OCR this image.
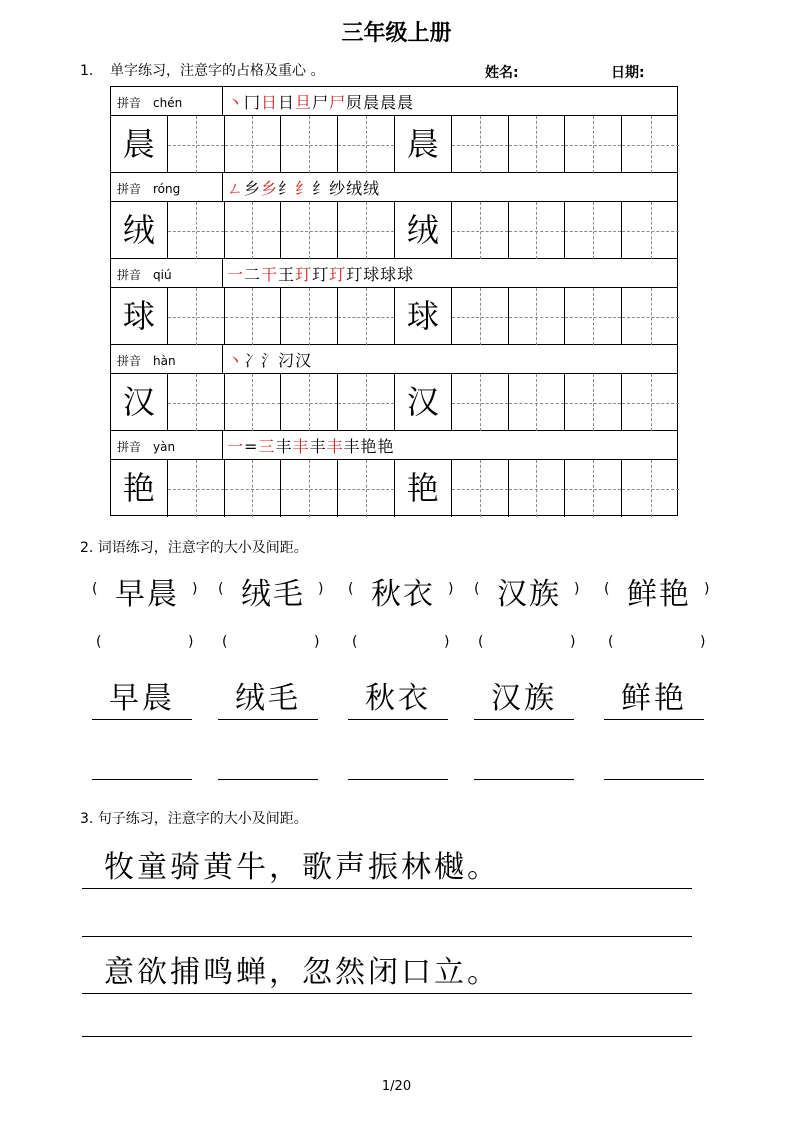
三年级上册
1. 单字练习，注意字的占格及重心 。	姓名:	日期:
拼音 chén	丶冂日日旦尸尸屃晨晨晨
晨	晨
拼音 róng	ㄥ乡乡纟纟纟纱绒绒
绒	绒
拼音 qiú	一二干王玎玎玎玎球球球
球	球
拼音 hàn	丶冫氵汈汉
汉	汉
拼音 yàn	一=三丰丰丰丰丰艳艳
艳	艳
2. 词语练习，注意字的大小及间距。
( 早晨 )
(	)
早晨
( 绒毛 )
(	)
绒毛
( 秋衣 )
(	)
秋衣
( 汉族 )
(	)
汉族
( 鲜艳 )
(	)
鲜艳
3. 句子练习，注意字的大小及间距。
牧童骑黄牛，歌声振林樾。
意欲捕鸣蝉，忽然闭口立。
1/20
